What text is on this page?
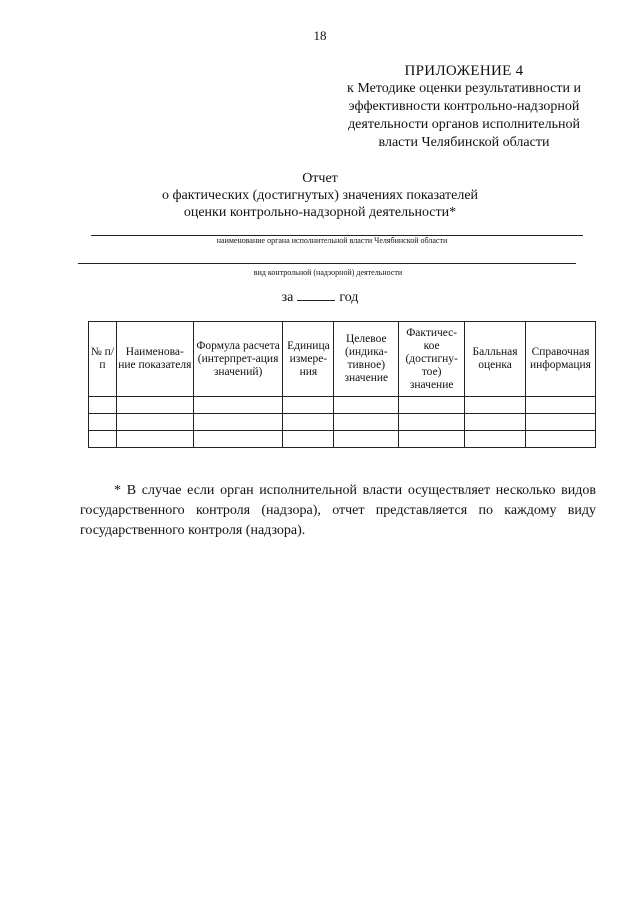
18
ПРИЛОЖЕНИЕ 4
к Методике оценки результативности и
эффективности контрольно-надзорной
деятельности органов исполнительной
власти Челябинской области
Отчет
о фактических (достигнутых) значениях показателей
оценки контрольно-надзорной деятельности*
наименование органа исполнительной власти Челябинской области
вид контрольной (надзорной) деятельности
за	год
№ п/п	Наименова-ние показателя	Формула расчета (интерпрет-ация значений)	Единица измере-ния	Целевое (индика-тивное) значение	Фактичес-кое (достигну-тое) значение	Балльная оценка	Справочная информация

* В случае если орган исполнительной власти осуществляет несколько видов государственного контроля (надзора), отчет представляется по каждому виду государственного контроля (надзора).
